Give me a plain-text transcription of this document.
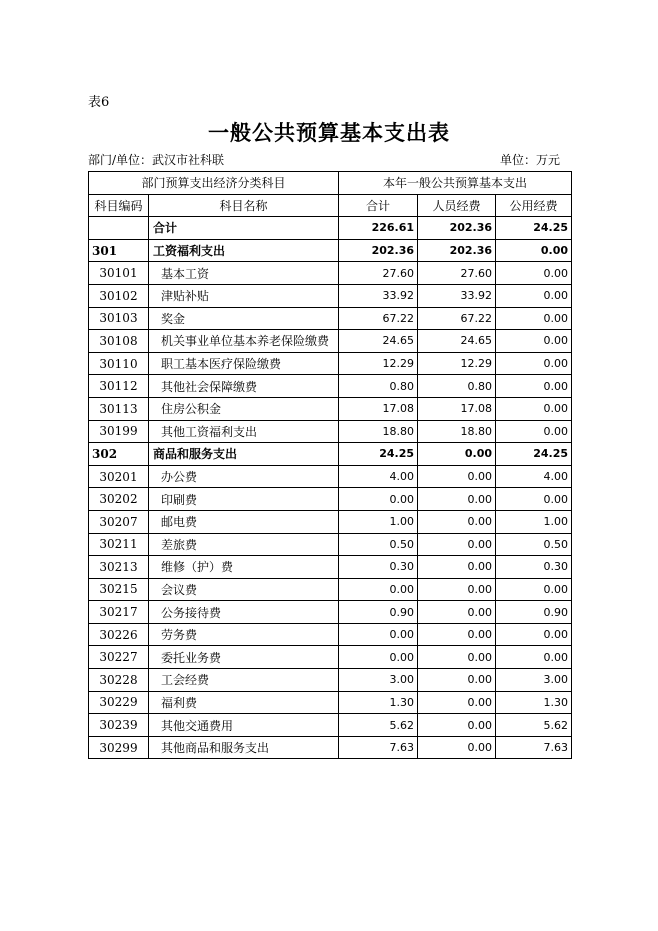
表6
一般公共预算基本支出表
部门/单位：武汉市社科联	单位：万元
部门预算支出经济分类科目		本年一般公共预算基本支出		
科目编码	科目名称	合计	人员经费	公用经费
	合计	226.61	202.36	24.25
301	工资福利支出	202.36	202.36	0.00
30101	基本工资	27.60	27.60	0.00
30102	津贴补贴	33.92	33.92	0.00
30103	奖金	67.22	67.22	0.00
30108	机关事业单位基本养老保险缴费	24.65	24.65	0.00
30110	职工基本医疗保险缴费	12.29	12.29	0.00
30112	其他社会保障缴费	0.80	0.80	0.00
30113	住房公积金	17.08	17.08	0.00
30199	其他工资福利支出	18.80	18.80	0.00
302	商品和服务支出	24.25	0.00	24.25
30201	办公费	4.00	0.00	4.00
30202	印刷费	0.00	0.00	0.00
30207	邮电费	1.00	0.00	1.00
30211	差旅费	0.50	0.00	0.50
30213	维修（护）费	0.30	0.00	0.30
30215	会议费	0.00	0.00	0.00
30217	公务接待费	0.90	0.00	0.90
30226	劳务费	0.00	0.00	0.00
30227	委托业务费	0.00	0.00	0.00
30228	工会经费	3.00	0.00	3.00
30229	福利费	1.30	0.00	1.30
30239	其他交通费用	5.62	0.00	5.62
30299	其他商品和服务支出	7.63	0.00	7.63
